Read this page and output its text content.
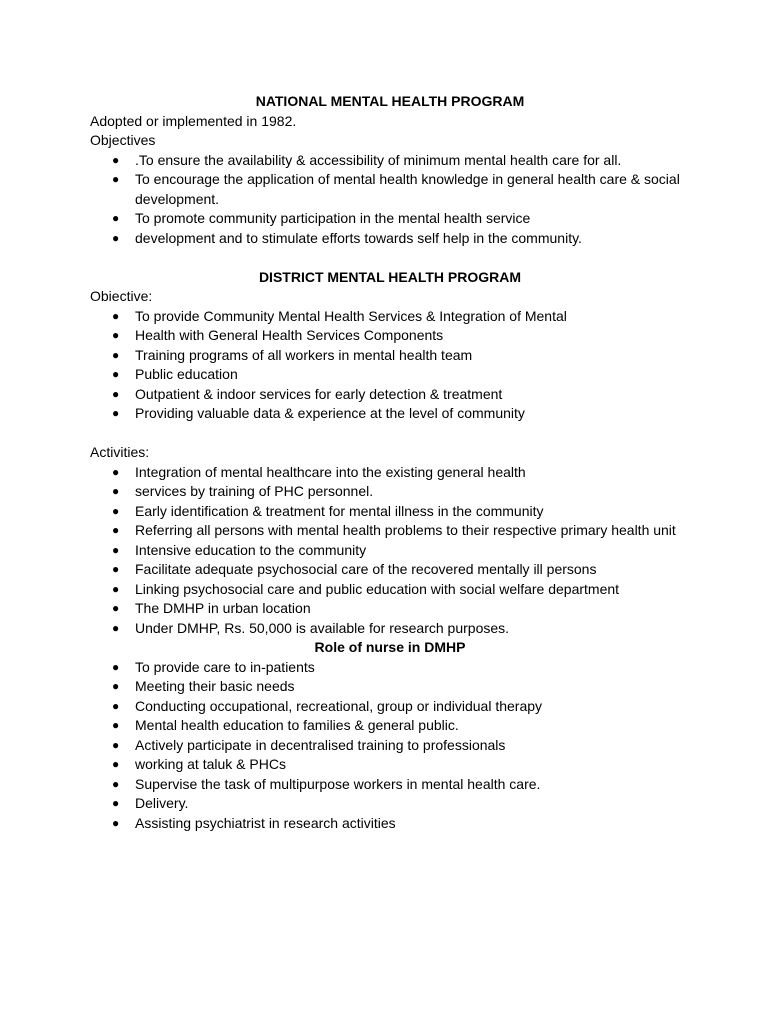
NATIONAL MENTAL HEALTH PROGRAM

Adopted or implemented in 1982.

Objectives

● .To ensure the availability & accessibility of minimum mental health care for all.
● To encourage the application of mental health knowledge in general health care & social development.
● To promote community participation in the mental health service
● development and to stimulate efforts towards self help in the community.

DISTRICT MENTAL HEALTH PROGRAM

Obiective:

● To provide Community Mental Health Services & Integration of Mental
● Health with General Health Services Components
● Training programs of all workers in mental health team
● Public education
● Outpatient & indoor services for early detection & treatment
● Providing valuable data & experience at the level of community

Activities:

● Integration of mental healthcare into the existing general health
● services by training of PHC personnel.
● Early identification & treatment for mental illness in the community
● Referring all persons with mental health problems to their respective primary health unit
● Intensive education to the community
● Facilitate adequate psychosocial care of the recovered mentally ill persons
● Linking psychosocial care and public education with social welfare department
● The DMHP in urban location
● Under DMHP, Rs. 50,000 is available for research purposes.

Role of nurse in DMHP

● To provide care to in-patients
● Meeting their basic needs
● Conducting occupational, recreational, group or individual therapy
● Mental health education to families & general public.
● Actively participate in decentralised training to professionals
● working at taluk & PHCs
● Supervise the task of multipurpose workers in mental health care.
● Delivery.
● Assisting psychiatrist in research activities
